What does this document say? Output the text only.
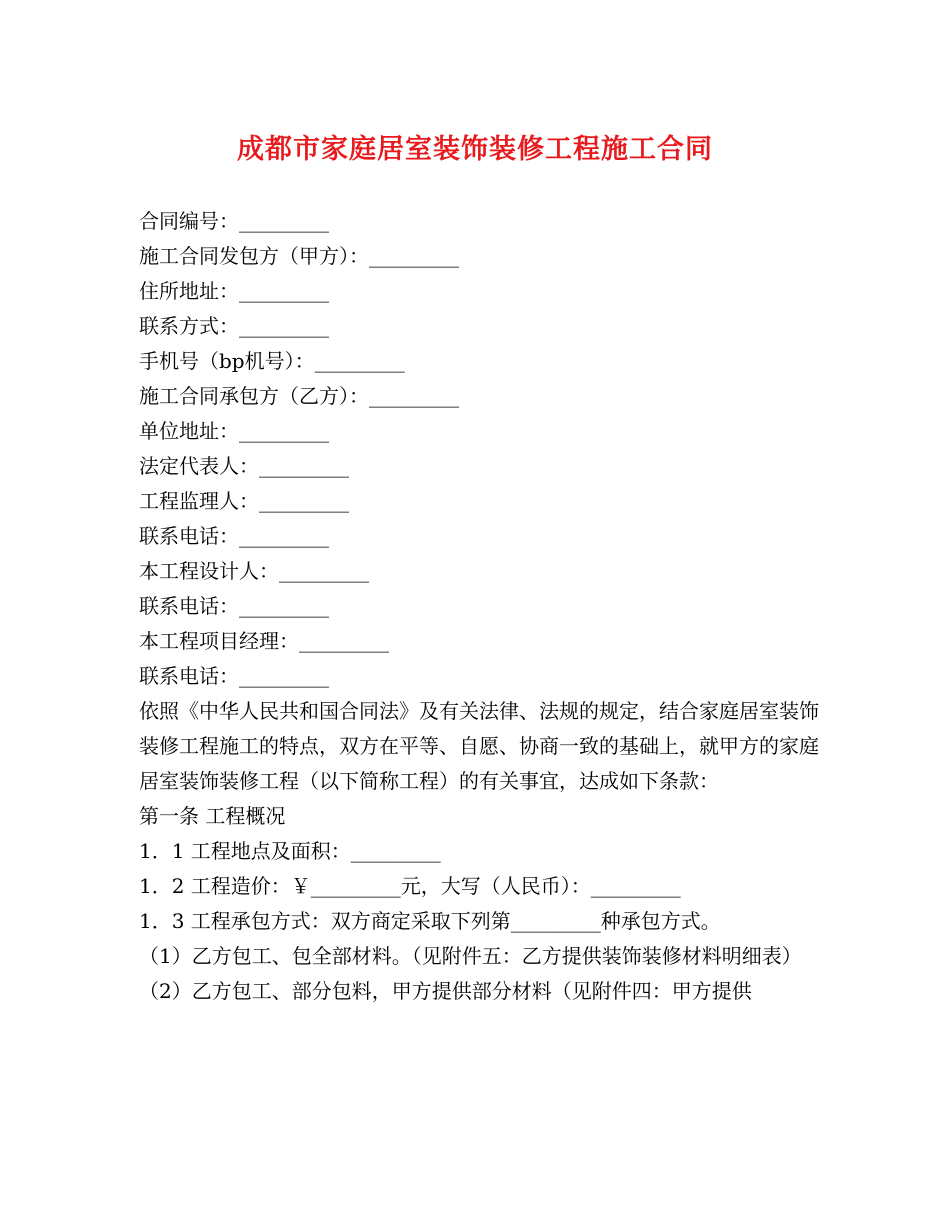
成都市家庭居室装饰装修工程施工合同
合同编号：_________
施工合同发包方（甲方）：_________
住所地址：_________
联系方式：_________
手机号（bp机号）：_________
施工合同承包方（乙方）：_________
单位地址：_________
法定代表人：_________
工程监理人：_________
联系电话：_________
本工程设计人：_________
联系电话：_________
本工程项目经理：_________
联系电话：_________
依照《中华人民共和国合同法》及有关法律、法规的规定，结合家庭居室装饰装修工程施工的特点，双方在平等、自愿、协商一致的基础上，就甲方的家庭居室装饰装修工程（以下简称工程）的有关事宜，达成如下条款：
第一条 工程概况
1．1 工程地点及面积：_________
1．2 工程造价：￥_________元，大写（人民币）：_________
1．3 工程承包方式：双方商定采取下列第_________种承包方式。
（1）乙方包工、包全部材料。（见附件五：乙方提供装饰装修材料明细表）
（2）乙方包工、部分包料，甲方提供部分材料（见附件四：甲方提供
